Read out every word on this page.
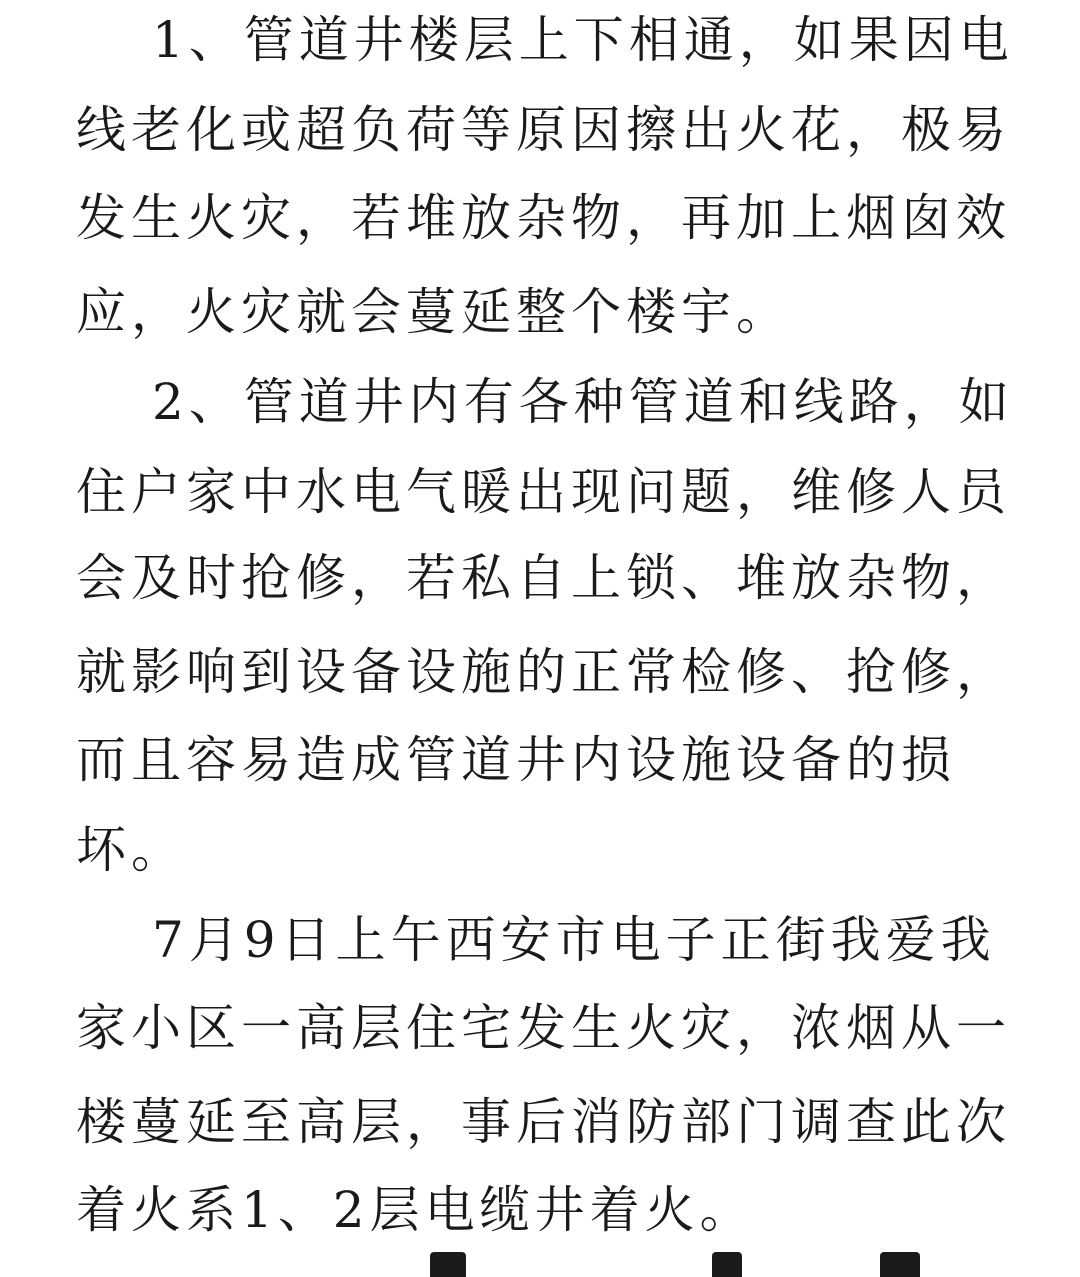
1、管道井楼层上下相通，如果因电
线老化或超负荷等原因擦出火花，极易
发生火灾，若堆放杂物，再加上烟囱效
应，火灾就会蔓延整个楼宇。
2、管道井内有各种管道和线路，如
住户家中水电气暖出现问题，维修人员
会及时抢修，若私自上锁、堆放杂物，
就影响到设备设施的正常检修、抢修，
而且容易造成管道井内设施设备的损
坏。
7月9日上午西安市电子正街我爱我
家小区一高层住宅发生火灾，浓烟从一
楼蔓延至高层，事后消防部门调查此次
着火系1、2层电缆井着火。
